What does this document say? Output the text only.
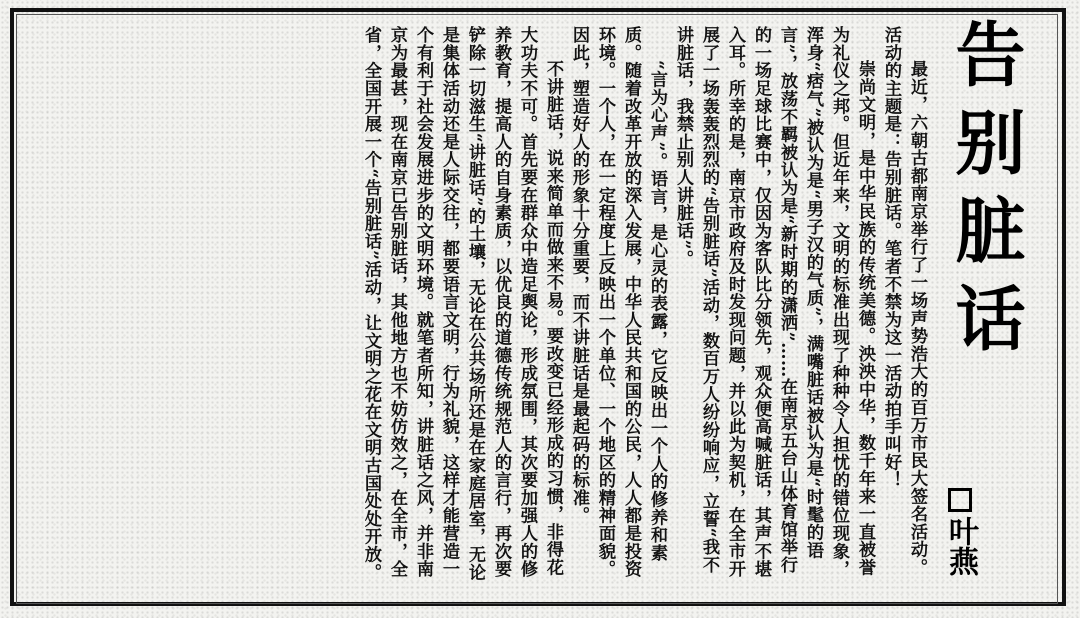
告别脏话
叶燕

最近，六朝古都南京举行了一场声势浩大的百万市民大签名活动。活动的主题是：告别脏话。笔者不禁为这一活动拍手叫好！

崇尚文明，是中华民族的传统美德。泱泱中华，数千年来一直被誉为礼仪之邦。但近年来，文明的标准出现了种种令人担忧的错位现象，浑身“痞气”被认为是“男子汉的气质”，满嘴脏话被认为是“时髦的语言”，放荡不羁被认为是“新时期的潇洒”……在南京五台山体育馆举行的一场足球比赛中，仅因为客队比分领先，观众便高喊脏话，其声不堪入耳。所幸的是，南京市政府及时发现问题，并以此为契机，在全市开展了一场轰轰烈烈的“告别脏话”活动，数百万人纷纷响应，立誓“我不讲脏话，我禁止别人讲脏话”。

“言为心声”。语言，是心灵的表露，它反映出一个人的修养和素质。随着改革开放的深入发展，中华人民共和国的公民，人人都是投资环境。一个人，在一定程度上反映出一个单位、一个地区的精神面貌。因此，塑造好人的形象十分重要，而不讲脏话是最起码的标准。

不讲脏话，说来简单而做来不易。要改变已经形成的习惯，非得花大功夫不可。首先要在群众中造足舆论，形成氛围，其次要加强人的修养教育，提高人的自身素质，以优良的道德传统规范人的言行，再次要铲除一切滋生“讲脏话”的土壤，无论在公共场所还是在家庭居室，无论是集体活动还是人际交往，都要语言文明，行为礼貌，这样才能营造一个有利于社会发展进步的文明环境。就笔者所知，讲脏话之风，并非南京为最甚，现在南京已告别脏话，其他地方也不妨仿效之，在全市，全省，全国开展一个“告别脏话”活动，让文明之花在文明古国处处开放。
